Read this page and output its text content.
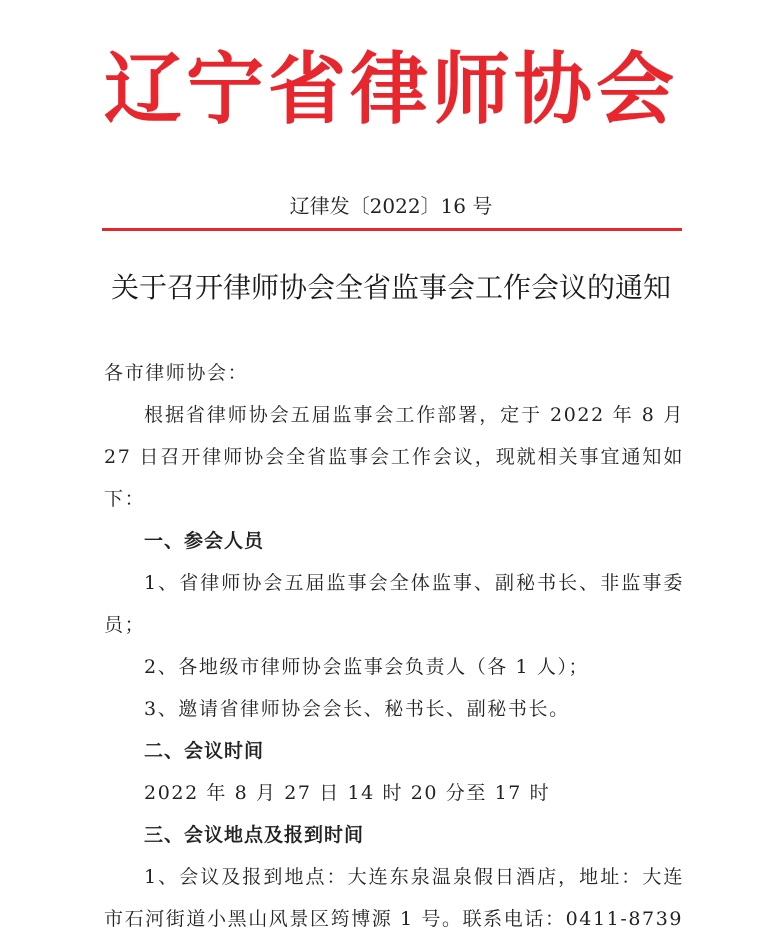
辽宁省律师协会
辽律发〔2022〕16 号
关于召开律师协会全省监事会工作会议的通知

各市律师协会：

根据省律师协会五届监事会工作部署，定于 2022 年 8 月 27 日召开律师协会全省监事会工作会议，现就相关事宜通知如下：

一、参会人员

1、省律师协会五届监事会全体监事、副秘书长、非监事委员；

2、各地级市律师协会监事会负责人（各 1 人）；

3、邀请省律师协会会长、秘书长、副秘书长。

二、会议时间

2022 年 8 月 27 日 14 时 20 分至 17 时

三、会议地点及报到时间

1、会议及报到地点：大连东泉温泉假日酒店，地址：大连市石河街道小黑山风景区筠博源 1 号。联系电话：0411-8739
